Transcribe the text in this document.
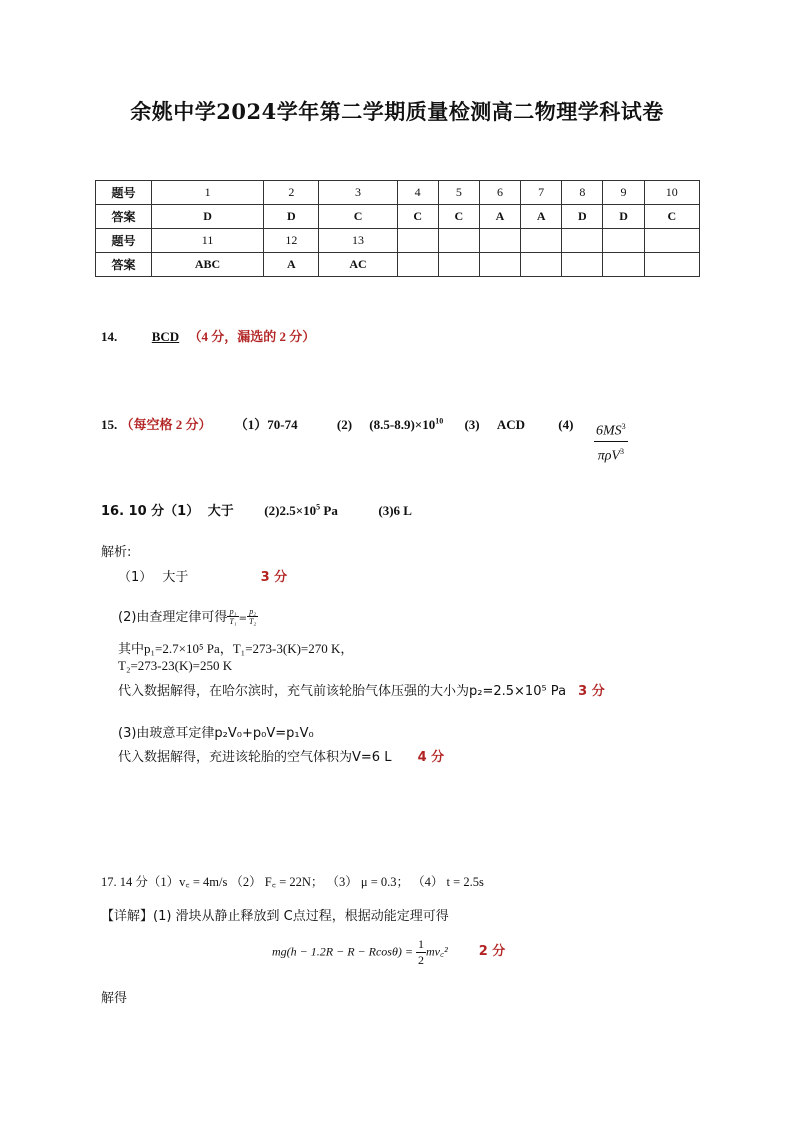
余姚中学2024学年第二学期质量检测高二物理学科试卷
题号	1	2	3	4	5	6	7	8	9	10
答案	D	D	C	C	C	A	A	D	D	C
题号	11	12	13							
答案	ABC	A	AC							
14.	BCD （4 分，漏选的 2 分）
15. （每空格 2 分） （1）70-74	(2) $(8.5-8.9)\times 10^{10}$ (3) ACD	$(4) \frac{6MS^3}{\pi\rho V^3}$
16. 10 分（1） 大于 $(2)2.5\times 10^5$ Pa	(3)6 L
解析:
（1） 大于	3 分
(2)由查理定律可得 $\frac{\text{p₁}}{\text{T₁}} = \frac{\text{p₂}}{\text{T₂}}$
其中p₁=2.7×10⁵ Pa，T₁=273-3(K)=270 K，
T₂=273-23(K)=250 K
代入数据解得，在哈尔滨时，充气前该轮胎气体压强的大小为p₂=2.5×10⁵ Pa 3 分
(3)由玻意耳定律p₂V₀+p₀V=p₁V₀
代入数据解得，充进该轮胎的空气体积为V=6 L 4 分
17. 14 分（1）v꜀ = 4m/s （2） F꜀ = 22N； （3） μ = 0.3； （4） t = 2.5s
【详解】(1) 滑块从静止释放到 C点过程，根据动能定理可得
$mg(h - 1.2R - R - Rcos\theta) = \frac{1}{2}$ mv꜀² 2 分
解得
